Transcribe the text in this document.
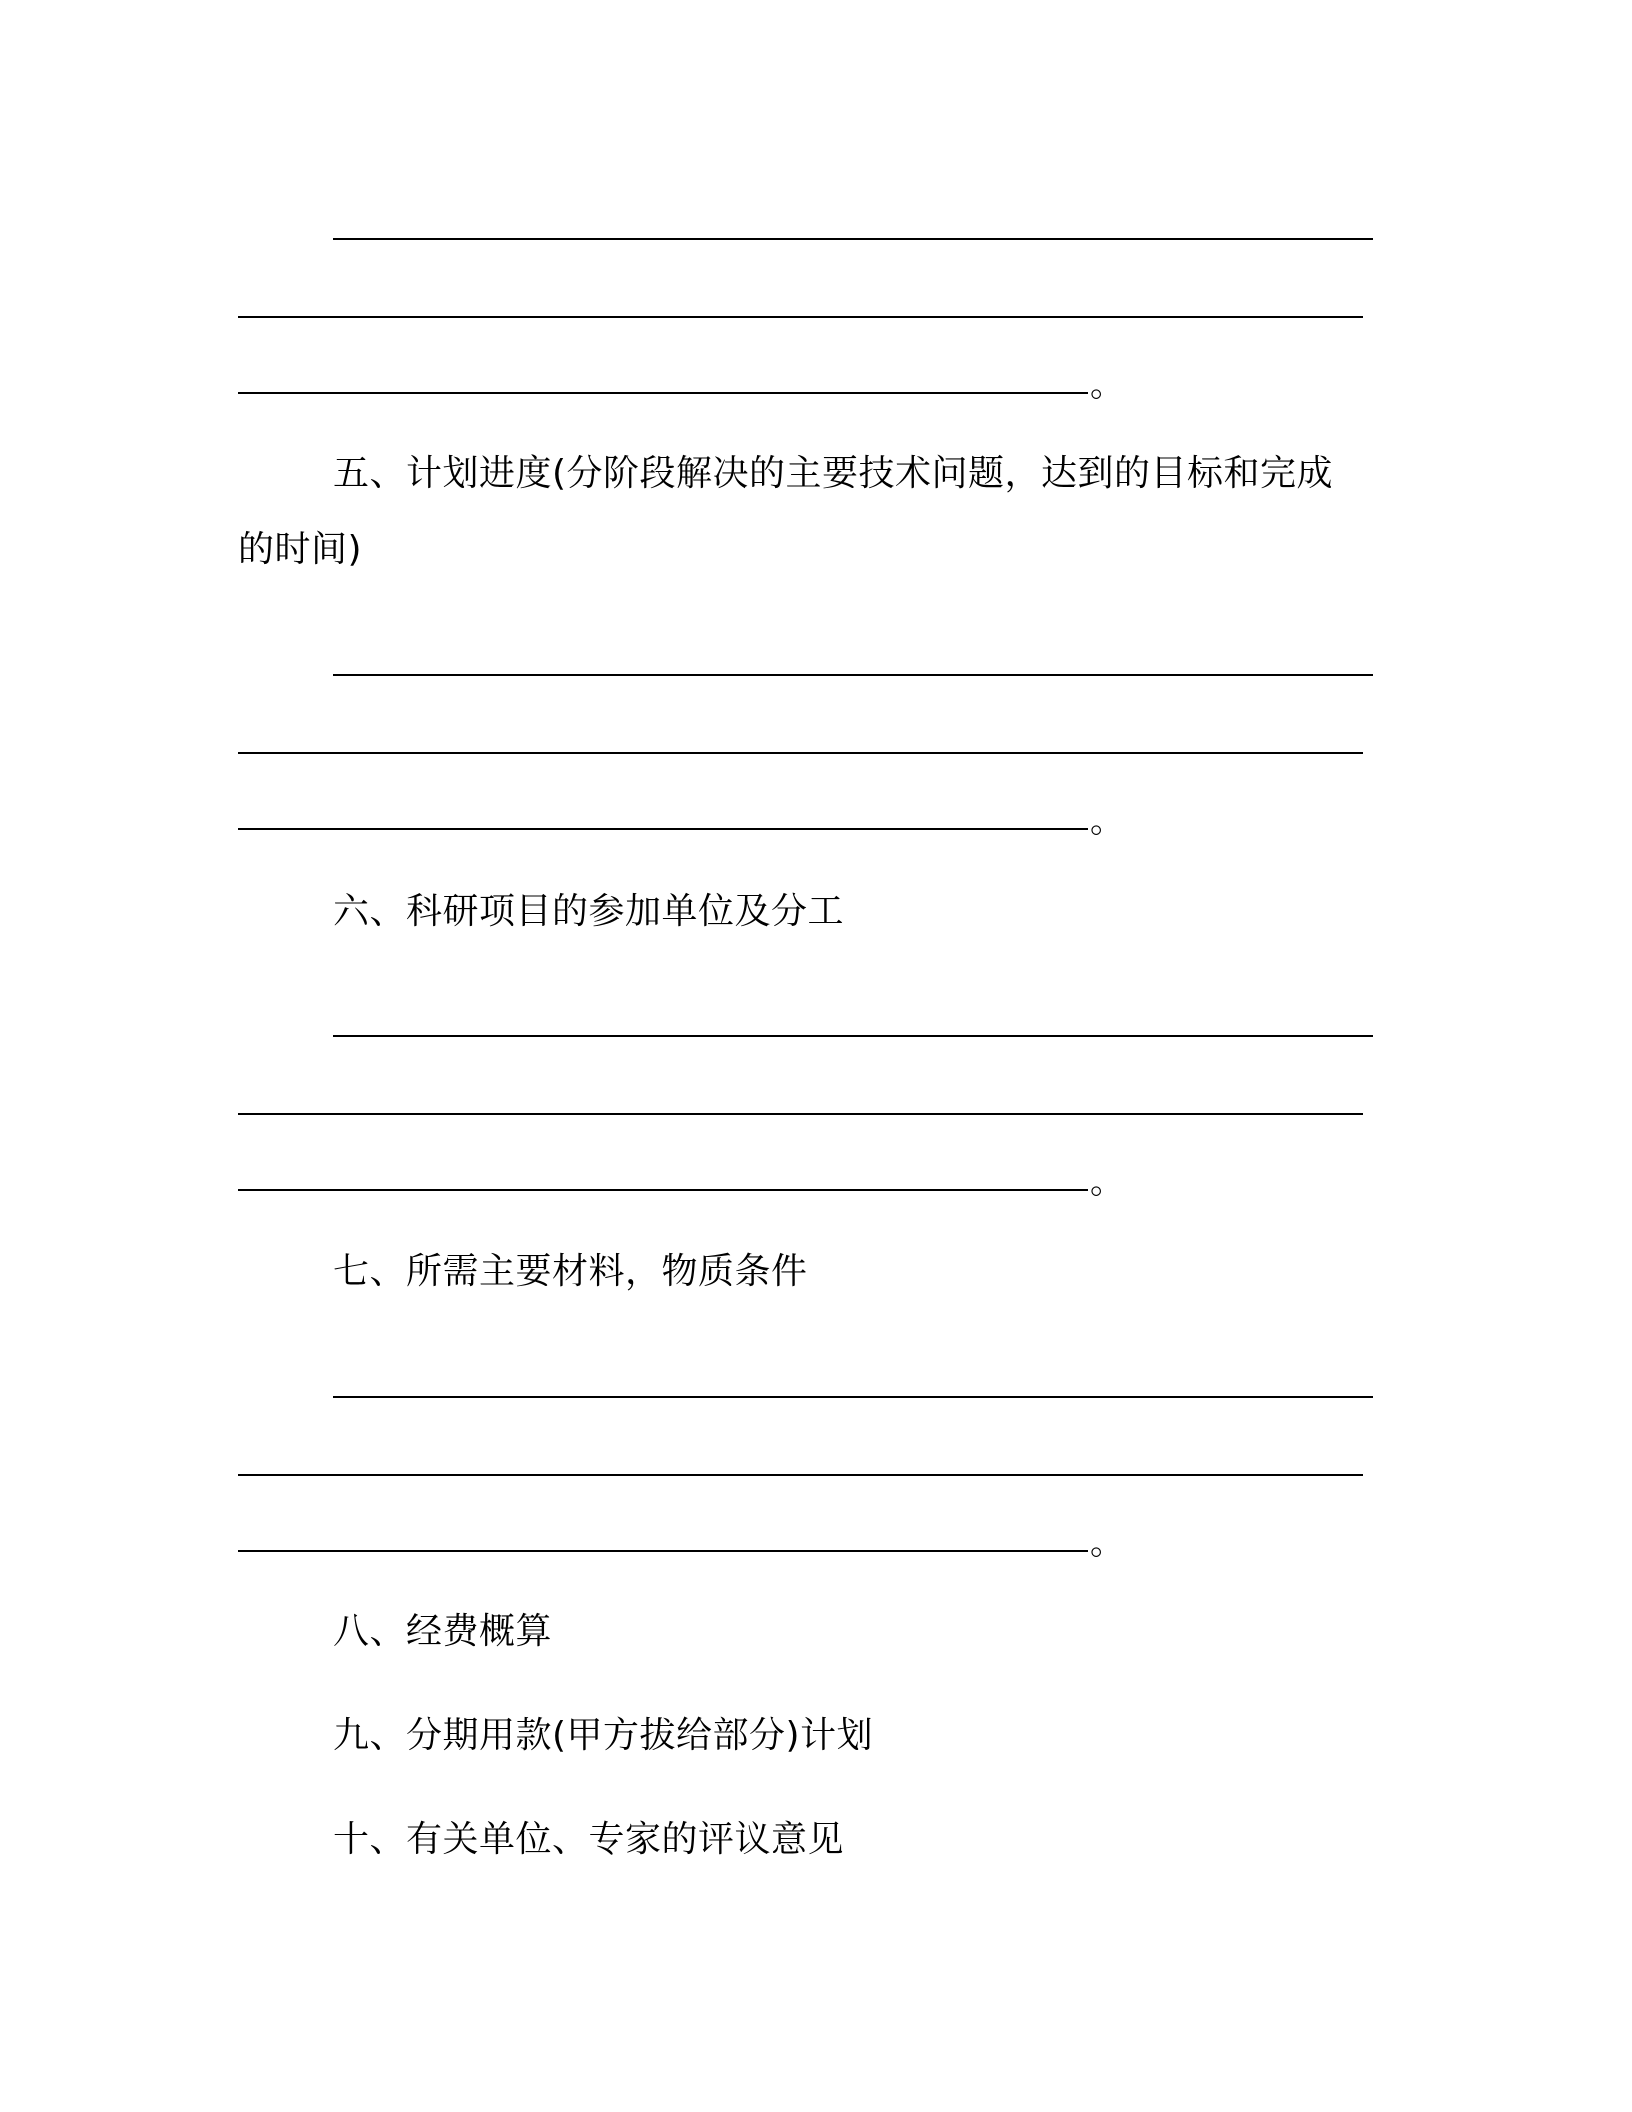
。
五、计划进度(分阶段解决的主要技术问题，达到的目标和完成
的时间)
。
六、科研项目的参加单位及分工
。
七、所需主要材料，物质条件
。
八、经费概算
九、分期用款(甲方拔给部分)计划
十、有关单位、专家的评议意见
